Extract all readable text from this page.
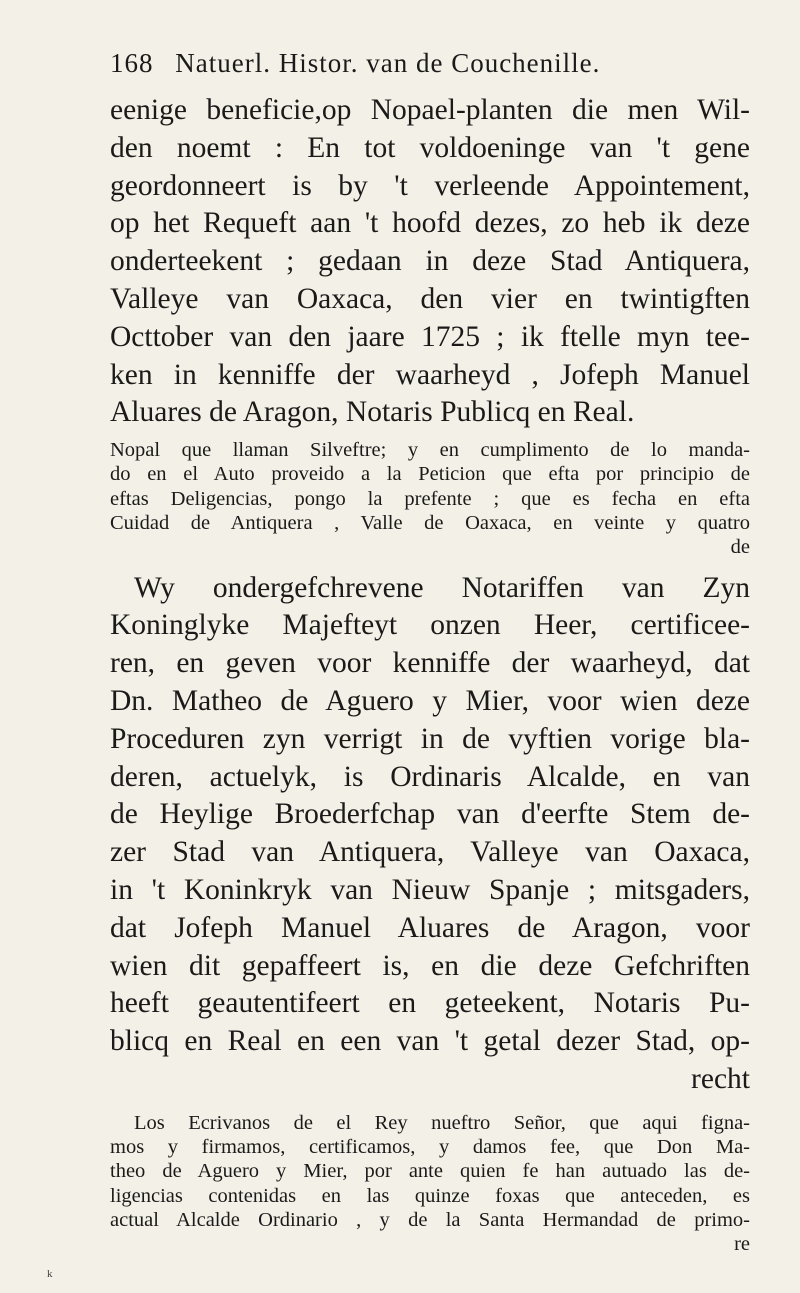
168 Natuerl. Histor. van de Couchenille.
eenige beneficie,op Nopael-planten die men Wil-
den noemt : En tot voldoeninge van 't gene
geordonneert is by 't verleende Appointement,
op het Requeft aan 't hoofd dezes, zo heb ik deze
onderteekent ; gedaan in deze Stad Antiquera,
Valleye van Oaxaca, den vier en twintigften
Octtober van den jaare 1725 ; ik ftelle myn tee-
ken in kenniffe der waarheyd , Jofeph Manuel
Aluares de Aragon, Notaris Publicq en Real.
Nopal que llaman Silveftre; y en cumplimento de lo manda-
do en el Auto proveido a la Peticion que efta por principio de
eftas Deligencias, pongo la prefente ; que es fecha en efta
Cuidad de Antiquera , Valle de Oaxaca, en veinte y quatro
de
Wy ondergefchrevene Notariffen van Zyn
Koninglyke Majefteyt onzen Heer, certificee-
ren, en geven voor kenniffe der waarheyd, dat
Dn. Matheo de Aguero y Mier, voor wien deze
Proceduren zyn verrigt in de vyftien vorige bla-
deren, actuelyk, is Ordinaris Alcalde, en van
de Heylige Broederfchap van d'eerfte Stem de-
zer Stad van Antiquera, Valleye van Oaxaca,
in 't Koninkryk van Nieuw Spanje ; mitsgaders,
dat Jofeph Manuel Aluares de Aragon, voor
wien dit gepaffeert is, en die deze Gefchriften
heeft geautentifeert en geteekent, Notaris Pu-
blicq en Real en een van 't getal dezer Stad, op-
recht
Los Ecrivanos de el Rey nueftro Señor, que aqui figna-
mos y firmamos, certificamos, y damos fee, que Don Ma-
theo de Aguero y Mier, por ante quien fe han autuado las de-
ligencias contenidas en las quinze foxas que anteceden, es
actual Alcalde Ordinario , y de la Santa Hermandad de primo-
re
k
